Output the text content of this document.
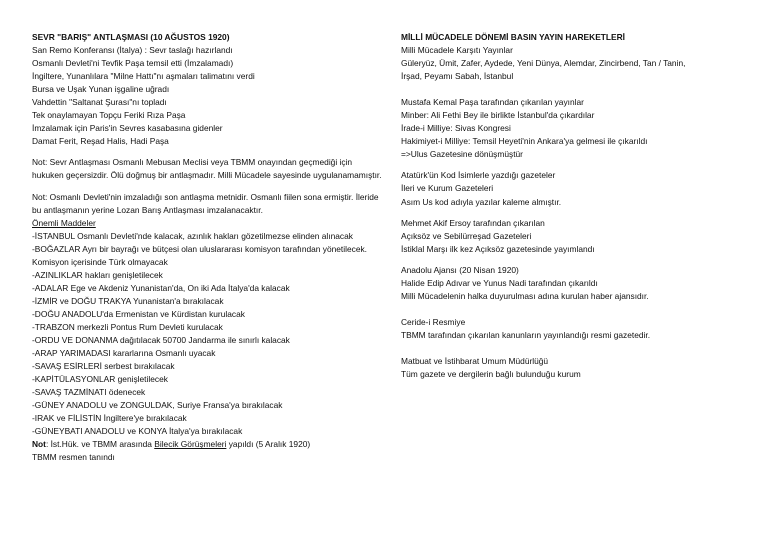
SEVR "BARIŞ" ANTLAŞMASI (10 AĞUSTOS 1920)
San Remo Konferansı (İtalya) : Sevr taslağı hazırlandı
Osmanlı Devleti'ni Tevfik Paşa temsil etti (İmzalamadı)
İngiltere, Yunanlılara "Milne Hattı"nı aşmaları talimatını verdi
Bursa ve Uşak Yunan işgaline uğradı
Vahdettin "Saltanat Şurası"nı topladı
Tek onaylamayan Topçu Feriki Rıza Paşa
İmzalamak için Paris'in Sevres kasabasına gidenler
Damat Ferit, Reşad Halis, Hadi Paşa
Not: Sevr Antlaşması Osmanlı Mebusan Meclisi veya TBMM onayından geçmediği için hukuken geçersizdir. Ölü doğmuş bir antlaşmadır. Milli Mücadele sayesinde uygulanamamıştır.
Not: Osmanlı Devleti'nin imzaladığı son antlaşma metnidir. Osmanlı fiilen sona ermiştir. İleride bu antlaşmanın yerine Lozan Barış Antlaşması imzalanacaktır.
Önemli Maddeler
-İSTANBUL Osmanlı Devleti'nde kalacak, azınlık hakları gözetilmezse elinden alınacak
-BOĞAZLAR Ayrı bir bayrağı ve bütçesi olan uluslararası komisyon tarafından yönetilecek. Komisyon içerisinde Türk olmayacak
-AZINLIKLAR hakları genişletilecek
-ADALAR Ege ve Akdeniz Yunanistan'da, On iki Ada İtalya'da kalacak
-İZMİR ve DOĞU TRAKYA Yunanistan'a bırakılacak
-DOĞU ANADOLU'da Ermenistan ve Kürdistan kurulacak
-TRABZON merkezli Pontus Rum Devleti kurulacak
-ORDU VE DONANMA dağıtılacak 50700 Jandarma ile sınırlı kalacak
-ARAP YARIMADASI kararlarına Osmanlı uyacak
-SAVAŞ ESİRLERİ serbest bırakılacak
-KAPİTÜLASYONLAR genişletilecek
-SAVAŞ TAZMİNATI ödenecek
-GÜNEY ANADOLU ve ZONGULDAK, Suriye Fransa'ya bırakılacak
-IRAK ve FİLİSTİN İngiltere'ye bırakılacak
-GÜNEYBATI ANADOLU ve KONYA İtalya'ya bırakılacak
Not: İst.Hük. ve TBMM arasında Bilecik Görüşmeleri yapıldı (5 Aralık 1920)
TBMM resmen tanındı
MİLLİ MÜCADELE DÖNEMİ BASIN YAYIN HAREKETLERİ
Milli Mücadele Karşıtı Yayınlar
Güleryüz, Ümit, Zafer, Aydede, Yeni Dünya, Alemdar, Zincirbend, Tan / Tanin,
İrşad, Peyamı Sabah, İstanbul
Mustafa Kemal Paşa tarafından çıkarılan yayınlar
Minber: Ali Fethi Bey ile birlikte İstanbul'da çıkardılar
İrade-i Milliye: Sivas Kongresi
Hakimiyet-i Milliye: Temsil Heyeti'nin Ankara'ya gelmesi ile çıkarıldı
=>Ulus Gazetesine dönüşmüştür
Atatürk'ün Kod İsimlerle yazdığı gazeteler
İleri ve Kurum Gazeteleri
Asım Us kod adıyla yazılar kaleme almıştır.
Mehmet Akif Ersoy tarafından çıkarılan
Açıksöz ve Sebilürreşad Gazeteleri
İstiklal Marşı ilk kez Açıksöz gazetesinde yayımlandı
Anadolu Ajansı (20 Nisan 1920)
Halide Edip Adıvar ve Yunus Nadi tarafından çıkarıldı
Milli Mücadelenin halka duyurulması adına kurulan haber ajansıdır.
Ceride-i Resmiye
TBMM tarafından çıkarılan kanunların yayınlandığı resmi gazetedir.
Matbuat ve İstihbarat Umum Müdürlüğü
Tüm gazete ve dergilerin bağlı bulunduğu kurum
